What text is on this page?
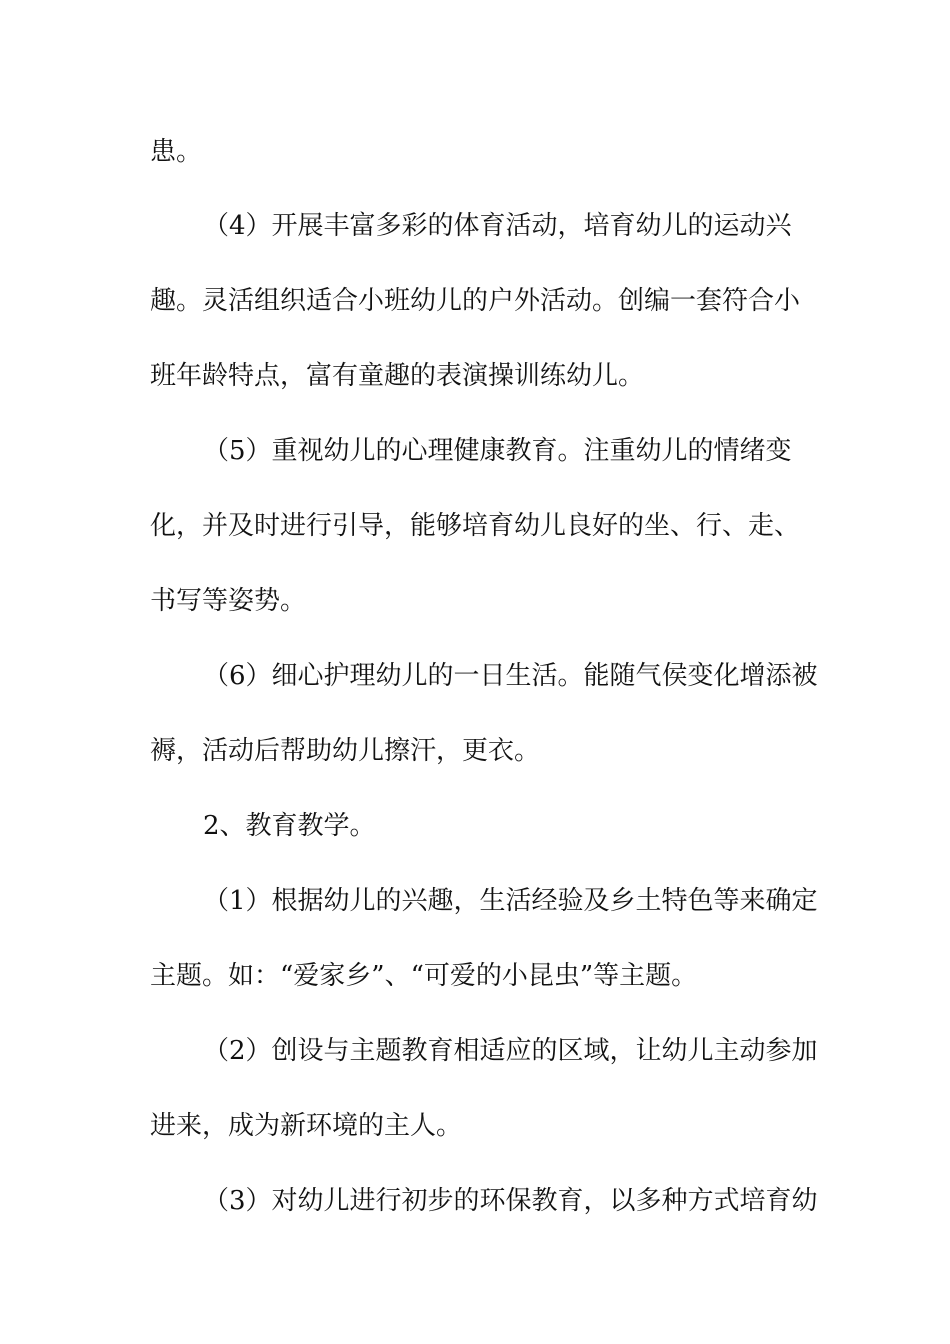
患。
（4）开展丰富多彩的体育活动，培育幼儿的运动兴
趣。灵活组织适合小班幼儿的户外活动。创编一套符合小
班年龄特点，富有童趣的表演操训练幼儿。
（5）重视幼儿的心理健康教育。注重幼儿的情绪变
化，并及时进行引导，能够培育幼儿良好的坐、行、走、
书写等姿势。
（6）细心护理幼儿的一日生活。能随气侯变化增添被
褥，活动后帮助幼儿擦汗，更衣。
2、教育教学。
（1）根据幼儿的兴趣，生活经验及乡土特色等来确定
主题。如：“爱家乡”、“可爱的小昆虫”等主题。
（2）创设与主题教育相适应的区域，让幼儿主动参加
进来，成为新环境的主人。
（3）对幼儿进行初步的环保教育，以多种方式培育幼
